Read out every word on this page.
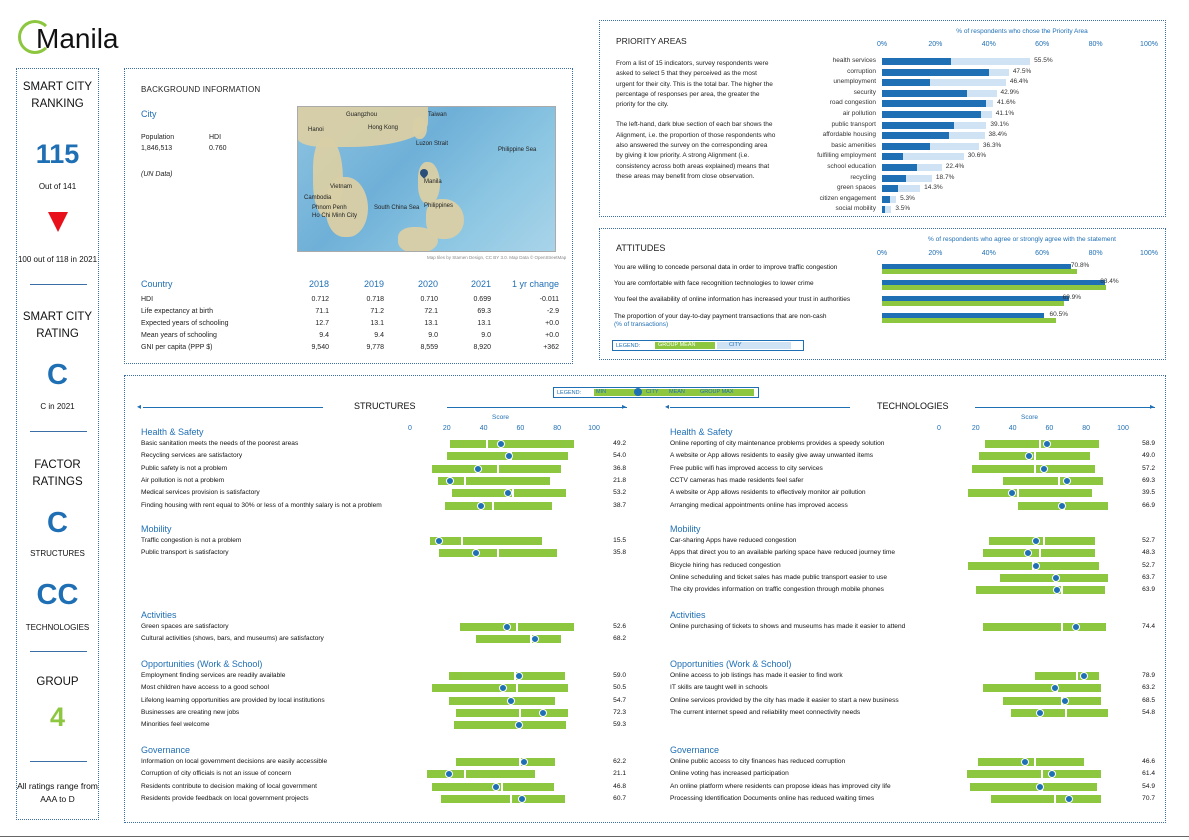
Manila
SMART CITY RANKING
115
Out of 141
100 out of 118 in 2021
SMART CITY RATING
C
C in 2021
FACTOR RATINGS
C
STRUCTURES
CC
TECHNOLOGIES
GROUP
4
All ratings range from AAA to D
BACKGROUND INFORMATION
City
Population
1,846,513
HDI
0.760
(UN Data)
Guangzhou	Taiwan
Hong Kong
Hanoi
Luzon Strait
Philippine Sea
Vietnam
Cambodia
Phnom Penh
Ho Chi Minh City
South China Sea Philippines
Manila
Map tiles by Stamen Design, CC BY 3.0. Map Data © OpenStreetMap
Country	2018	2019	2020	2021	1 yr change
HDI	0.712	0.718	0.710	0.699	-0.011
Life expectancy at birth	71.1	71.2	72.1	69.3	-2.9
Expected years of schooling	12.7	13.1	13.1	13.1	+0.0
Mean years of schooling	9.4	9.4	9.0	9.0	+0.0
GNI per capita (PPP $)	9,540	9,778	8,559	8,920	+362
PRIORITY AREAS
From a list of 15 indicators, survey respondents were asked to select 5 that they perceived as the most urgent for their city. This is the total bar. The higher the percentage of responses per area, the greater the priority for the city.
The left-hand, dark blue section of each bar shows the Alignment, i.e. the proportion of those respondents who also answered the survey on the corresponding area by giving it low priority. A strong Alignment (i.e. consistency across both areas explained) means that these areas may benefit from close observation.
% of respondents who chose the Priority Area
0%	20%	40%	60%	80%	100%
health services	55.5%
corruption	47.5%
unemployment	46.4%
security	42.9%
road congestion	41.6%
air pollution	41.1%
public transport	39.1%
affordable housing	38.4%
basic amenities	36.3%
fulfilling employment	30.6%
school education	22.4%
recycling	18.7%
green spaces	14.3%
citizen engagement	5.3%
social mobility	3.5%
ATTITUDES
% of respondents who agree or strongly agree with the statement
0%	20%	40%	60%	80%	100%
You are willing to concede personal data in order to improve traffic congestion	70.8%
You are comfortable with face recognition technologies to lower crime	83.4%
You feel the availability of online information has increased your trust in authorities	69.9%
The proportion of your day-to-day payment transactions that are non-cash	60.5%
(% of transactions)
LEGEND:	GROUP MEAN	CITY
LEGEND:	MIN	CITY MEAN	GROUP MAX
STRUCTURES	TECHNOLOGIES
◂	▸	◂	▸
Score
0	20	40	60	80	100
Health & Safety
Basic sanitation meets the needs of the poorest areas	49.2
Recycling services are satisfactory	54.0
Public safety is not a problem	36.8
Air pollution is not a problem	21.8
Medical services provision is satisfactory	53.2
Finding housing with rent equal to 30% or less of a monthly salary is not a problem	38.7
Mobility
Traffic congestion is not a problem	15.5
Public transport is satisfactory	35.8
Activities
Green spaces are satisfactory	52.6
Cultural activities (shows, bars, and museums) are satisfactory	68.2
Opportunities (Work & School)
Employment finding services are readily available	59.0
Most children have access to a good school	50.5
Lifelong learning opportunities are provided by local institutions	54.7
Businesses are creating new jobs	72.3
Minorities feel welcome	59.3
Governance
Information on local government decisions are easily accessible	62.2
Corruption of city officials is not an issue of concern	21.1
Residents contribute to decision making of local government	46.8
Residents provide feedback on local government projects	60.7
Score
0	20	40	60	80	100
Health & Safety
Online reporting of city maintenance problems provides a speedy solution	58.9
A website or App allows residents to easily give away unwanted items	49.0
Free public wifi has improved access to city services	57.2
CCTV cameras has made residents feel safer	69.3
A website or App allows residents to effectively monitor air pollution	39.5
Arranging medical appointments online has improved access	66.9
Mobility
Car-sharing Apps have reduced congestion	52.7
Apps that direct you to an available parking space have reduced journey time	48.3
Bicycle hiring has reduced congestion	52.7
Online scheduling and ticket sales has made public transport easier to use	63.7
The city provides information on traffic congestion through mobile phones	63.9
Activities
Online purchasing of tickets to shows and museums has made it easier to attend	74.4
Opportunities (Work & School)
Online access to job listings has made it easier to find work	78.9
IT skills are taught well in schools	63.2
Online services provided by the city has made it easier to start a new business	68.5
The current internet speed and reliability meet connectivity needs	54.8
Governance
Online public access to city finances has reduced corruption	46.6
Online voting has increased participation	61.4
An online platform where residents can propose ideas has improved city life	54.9
Processing Identification Documents online has reduced waiting times	70.7
